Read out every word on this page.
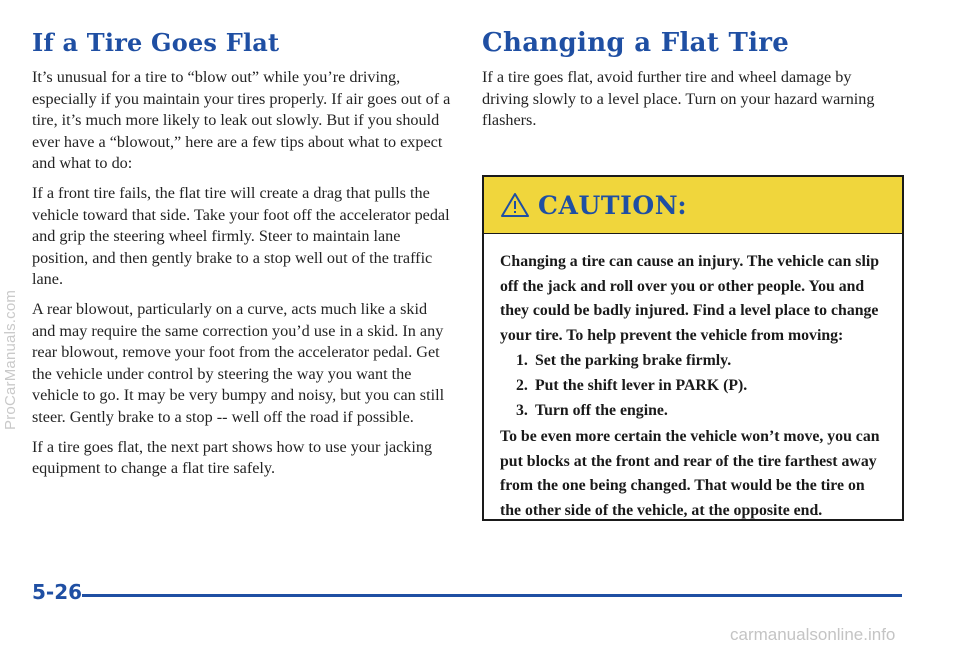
If a Tire Goes Flat

It’s unusual for a tire to “blow out” while you’re driving, especially if you maintain your tires properly. If air goes out of a tire, it’s much more likely to leak out slowly. But if you should ever have a “blowout,” here are a few tips about what to expect and what to do:

If a front tire fails, the flat tire will create a drag that pulls the vehicle toward that side. Take your foot off the accelerator pedal and grip the steering wheel firmly. Steer to maintain lane position, and then gently brake to a stop well out of the traffic lane.

A rear blowout, particularly on a curve, acts much like a skid and may require the same correction you’d use in a skid. In any rear blowout, remove your foot from the accelerator pedal. Get the vehicle under control by steering the way you want the vehicle to go. It may be very bumpy and noisy, but you can still steer. Gently brake to a stop -- well off the road if possible.

If a tire goes flat, the next part shows how to use your jacking equipment to change a flat tire safely.

Changing a Flat Tire

If a tire goes flat, avoid further tire and wheel damage by driving slowly to a level place. Turn on your hazard warning flashers.

CAUTION:

Changing a tire can cause an injury. The vehicle can slip off the jack and roll over you or other people. You and they could be badly injured. Find a level place to change your tire. To help prevent the vehicle from moving:

1. Set the parking brake firmly.
2. Put the shift lever in PARK (P).
3. Turn off the engine.

To be even more certain the vehicle won’t move, you can put blocks at the front and rear of the tire farthest away from the one being changed. That would be the tire on the other side of the vehicle, at the opposite end.

5-26

ProCarManuals.com
carmanualsonline.info
